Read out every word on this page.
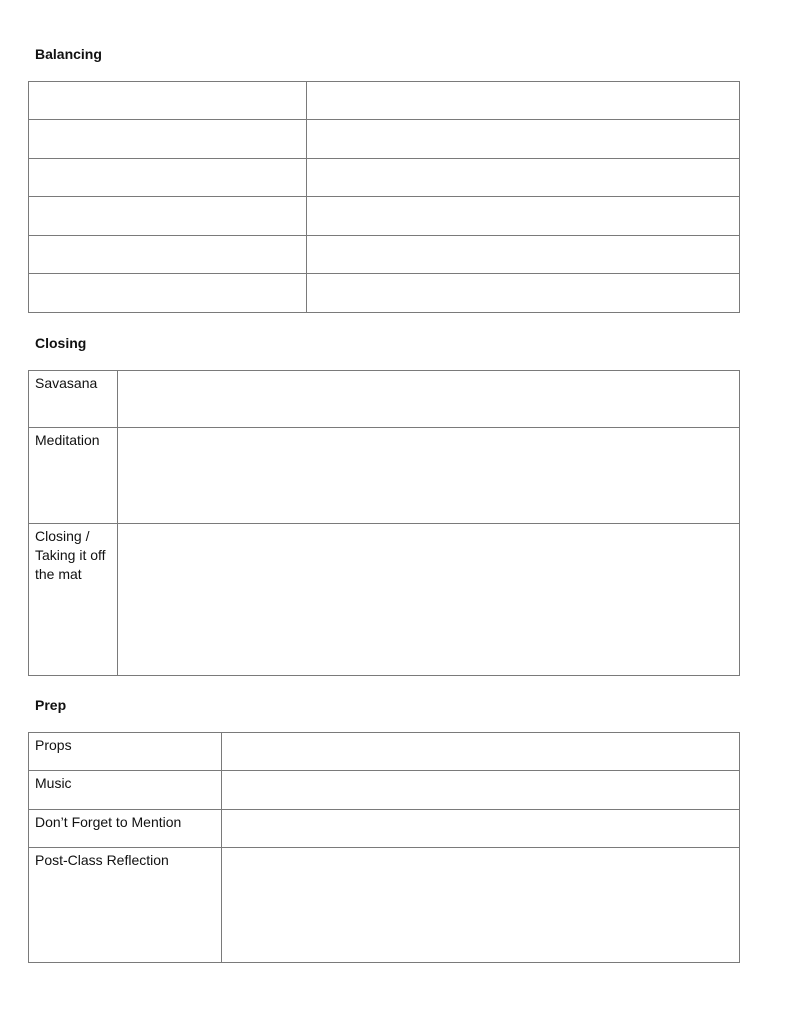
Balancing

Closing
Savasana	

Meditation	

Closing / Taking it off the mat	

Prep
Props	

Music	

Don’t Forget to Mention	

Post-Class Reflection	
